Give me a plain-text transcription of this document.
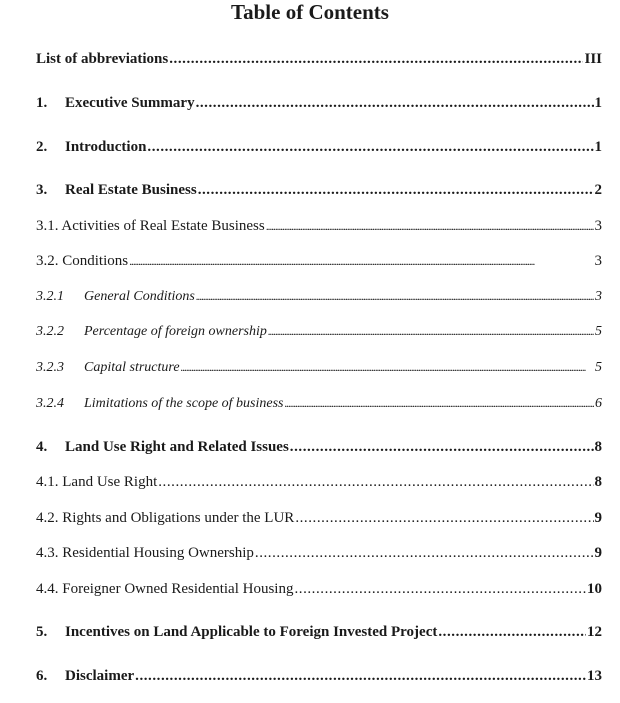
Table of Contents
List of abbreviations . . .	III
1.	Executive Summary . . .	1
2.	Introduction . . .	1
3.	Real Estate Business . . .	2
3.1. Activities of Real Estate Business . . .	3
3.2. Conditions . . .	3
3.2.1	General Conditions . . .	3
3.2.2	Percentage of foreign ownership . . .	5
3.2.3	Capital structure . . .	5
3.2.4	Limitations of the scope of business . . .	6
4.	Land Use Right and Related Issues . . .	8
4.1. Land Use Right . . .	8
4.2. Rights and Obligations under the LUR . . .	9
4.3. Residential Housing Ownership . . .	9
4.4. Foreigner Owned Residential Housing . . .	10
5.	Incentives on Land Applicable to Foreign Invested Project . . .	12
6.	Disclaimer . . .	13
